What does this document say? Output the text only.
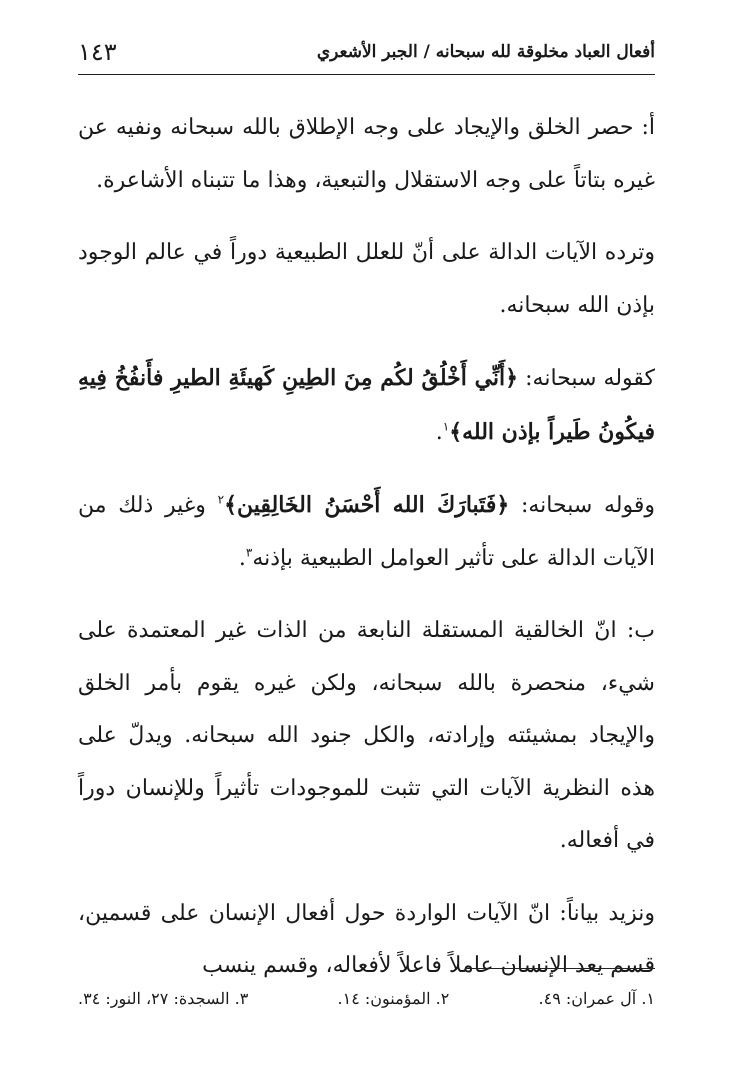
١٤٣	أفعال العباد مخلوقة لله سبحانه / الجبر الأشعري

أ: حصر الخلق والإيجاد على وجه الإطلاق بالله سبحانه ونفيه عن غيره بتاتاً على وجه الاستقلال والتبعية، وهذا ما تتبناه الأشاعرة.

وترده الآيات الدالة على أنّ للعلل الطبيعية دوراً في عالم الوجود بإذن الله سبحانه.

كقوله سبحانه: ﴿أَنِّي أَخْلُقُ لكُم مِنَ الطِينِ كَهيئَةِ الطيرِ فأَنفُخُ فِيهِ فيكُونُ طَيراً بإذن الله﴾$^١$.

وقوله سبحانه: ﴿فَتَبارَكَ الله أَحْسَنُ الخَالِقِين﴾$^٢$ وغير ذلك من الآيات الدالة على تأثير العوامل الطبيعية بإذنه$^٣$.

ب: انّ الخالقية المستقلة النابعة من الذات غير المعتمدة على شيء، منحصرة بالله سبحانه، ولكن غيره يقوم بأمر الخلق والإيجاد بمشيئته وإرادته، والكل جنود الله سبحانه. ويدلّ على هذه النظرية الآيات التي تثبت للموجودات تأثيراً وللإنسان دوراً في أفعاله.

ونزيد بياناً: انّ الآيات الواردة حول أفعال الإنسان على قسمين، قسم يعد الإنسان عاملاً فاعلاً لأفعاله، وقسم ينسب

١. آل عمران: ٤٩.
٢. المؤمنون: ١٤.
٣. السجدة: ٢٧، النور: ٣٤.
